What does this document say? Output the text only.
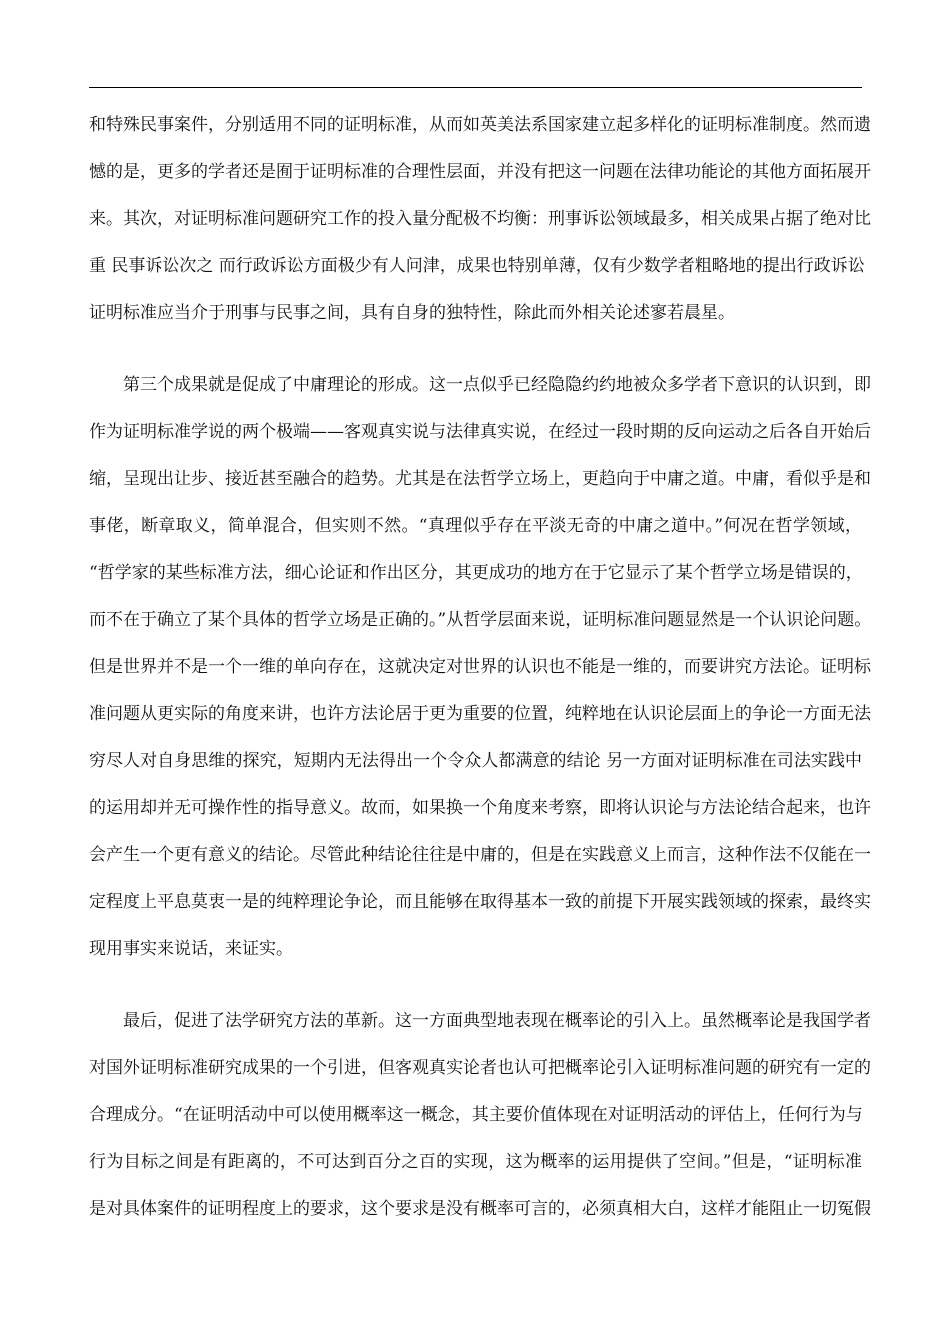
和特殊民事案件，分别适用不同的证明标准，从而如英美法系国家建立起多样化的证明标准制度。然而遗

憾的是，更多的学者还是囿于证明标准的合理性层面，并没有把这一问题在法律功能论的其他方面拓展开

来。其次，对证明标准问题研究工作的投入量分配极不均衡：刑事诉讼领域最多，相关成果占据了绝对比

重 民事诉讼次之 而行政诉讼方面极少有人问津，成果也特别单薄，仅有少数学者粗略地的提出行政诉讼

证明标准应当介于刑事与民事之间，具有自身的独特性，除此而外相关论述寥若晨星。

第三个成果就是促成了中庸理论的形成。这一点似乎已经隐隐约约地被众多学者下意识的认识到，即

作为证明标准学说的两个极端——客观真实说与法律真实说，在经过一段时期的反向运动之后各自开始后

缩，呈现出让步、接近甚至融合的趋势。尤其是在法哲学立场上，更趋向于中庸之道。中庸，看似乎是和

事佬，断章取义，简单混合，但实则不然。“真理似乎存在平淡无奇的中庸之道中。”何况在哲学领域，

“哲学家的某些标准方法，细心论证和作出区分，其更成功的地方在于它显示了某个哲学立场是错误的，

而不在于确立了某个具体的哲学立场是正确的。”从哲学层面来说，证明标准问题显然是一个认识论问题。

但是世界并不是一个一维的单向存在，这就决定对世界的认识也不能是一维的，而要讲究方法论。证明标

准问题从更实际的角度来讲，也许方法论居于更为重要的位置，纯粹地在认识论层面上的争论一方面无法

穷尽人对自身思维的探究，短期内无法得出一个令众人都满意的结论 另一方面对证明标准在司法实践中

的运用却并无可操作性的指导意义。故而，如果换一个角度来考察，即将认识论与方法论结合起来，也许

会产生一个更有意义的结论。尽管此种结论往往是中庸的，但是在实践意义上而言，这种作法不仅能在一

定程度上平息莫衷一是的纯粹理论争论，而且能够在取得基本一致的前提下开展实践领域的探索，最终实

现用事实来说话，来证实。

最后，促进了法学研究方法的革新。这一方面典型地表现在概率论的引入上。虽然概率论是我国学者

对国外证明标准研究成果的一个引进，但客观真实论者也认可把概率论引入证明标准问题的研究有一定的

合理成分。“在证明活动中可以使用概率这一概念，其主要价值体现在对证明活动的评估上，任何行为与

行为目标之间是有距离的，不可达到百分之百的实现，这为概率的运用提供了空间。”但是，“证明标准

是对具体案件的证明程度上的要求，这个要求是没有概率可言的，必须真相大白，这样才能阻止一切冤假
